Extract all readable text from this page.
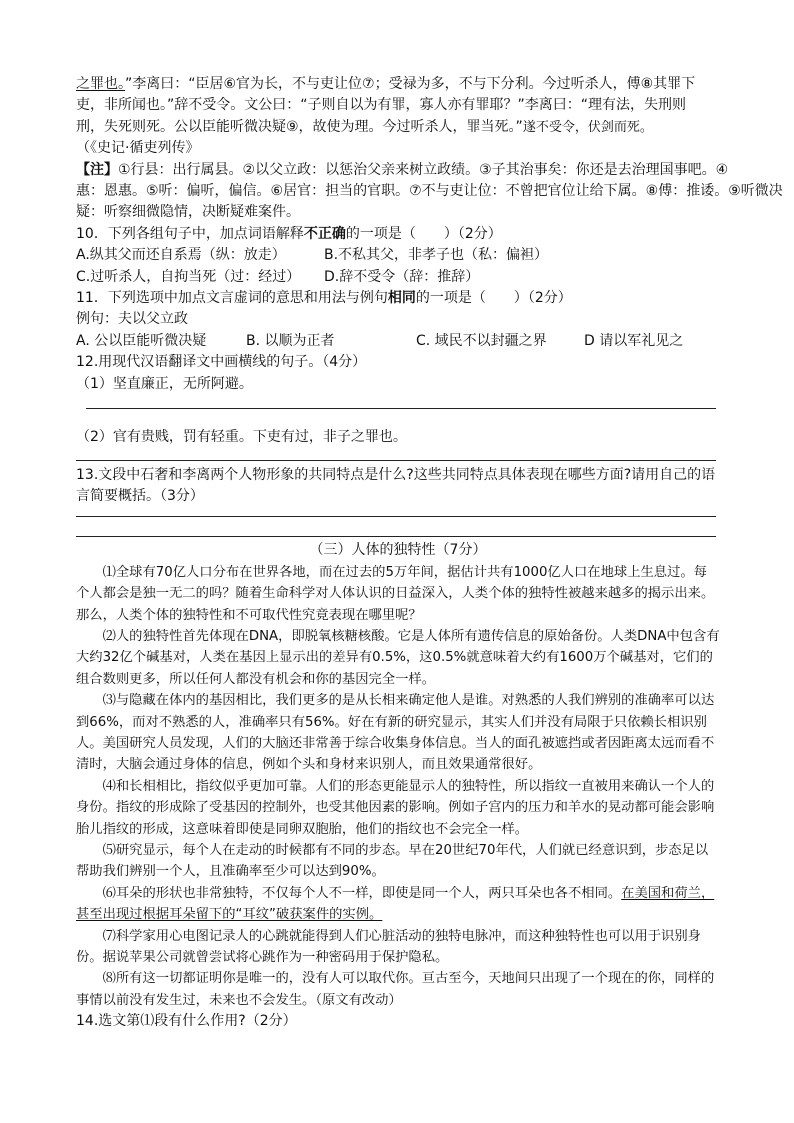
之罪也。”李离曰：“臣居⑥官为长，不与吏让位⑦；受禄为多，不与下分利。今过听杀人，傅⑧其罪下
吏，非所闻也。”辞不受令。文公曰：“子则自以为有罪，寡人亦有罪耶？”李离曰：“理有法，失刑则
刑，失死则死。公以臣能听微决疑⑨，故使为理。今过听杀人，罪当死。”遂不受令，伏剑而死。
（《史记·循吏列传》
【注】①行县：出行属县。②以父立政：以惩治父亲来树立政绩。③子其治事矣：你还是去治理国事吧。④
惠：恩惠。⑤听：偏听，偏信。⑥居官：担当的官职。⑦不与吏让位：不曾把官位让给下属。⑧傅：推诿。⑨听微决
疑：听察细微隐情，决断疑难案件。
10．下列各组句子中，加点词语解释不正确的一项是（　　）（2分）
A.纵其父而还自系焉（纵：放走）	B.不私其父，非孝子也（私：偏袒）
C.过听杀人，自拘当死（过：经过）	D.辞不受令（辞：推辞）
11．下列选项中加点文言虚词的意思和用法与例句相同的一项是（　　）（2分）
例句：夫以父立政
A. 公以臣能听微决疑	B. 以顺为正者	C. 域民不以封疆之界	D 请以军礼见之
12.用现代汉语翻译文中画横线的句子。（4分）
（1）坚直廉正，无所阿避。
（2）官有贵贱，罚有轻重。下吏有过，非子之罪也。
13.文段中石奢和李离两个人物形象的共同特点是什么?这些共同特点具体表现在哪些方面?请用自己的语
言简要概括。（3分）
（三）人体的独特性（7分）
⑴全球有70亿人口分布在世界各地，而在过去的5万年间，据估计共有1000亿人口在地球上生息过。每个人都会是独一无二的吗？随着生命科学对人体认识的日益深入，人类个体的独特性被越来越多的揭示出来。那么，人类个体的独特性和不可取代性究竟表现在哪里呢？
⑵人的独特性首先体现在DNA，即脱氧核糖核酸。它是人体所有遗传信息的原始备份。人类DNA中包含有大约32亿个碱基对，人类在基因上显示出的差异有0.5%，这0.5%就意味着大约有1600万个碱基对，它们的组合数则更多，所以任何人都没有机会和你的基因完全一样。
⑶与隐藏在体内的基因相比，我们更多的是从长相来确定他人是谁。对熟悉的人我们辨别的准确率可以达到66%，而对不熟悉的人，准确率只有56%。好在有新的研究显示，其实人们并没有局限于只依赖长相识别人。美国研究人员发现，人们的大脑还非常善于综合收集身体信息。当人的面孔被遮挡或者因距离太远而看不清时，大脑会通过身体的信息，例如个头和身材来识别人，而且效果通常很好。
⑷和长相相比，指纹似乎更加可靠。人们的形态更能显示人的独特性，所以指纹一直被用来确认一个人的身份。指纹的形成除了受基因的控制外，也受其他因素的影响。例如子宫内的压力和羊水的晃动都可能会影响胎儿指纹的形成，这意味着即使是同卵双胞胎，他们的指纹也不会完全一样。
⑸研究显示，每个人在走动的时候都有不同的步态。早在20世纪70年代，人们就已经意识到，步态足以帮助我们辨别一个人，且准确率至少可以达到90%。
⑹耳朵的形状也非常独特，不仅每个人不一样，即使是同一个人，两只耳朵也各不相同。在美国和荷兰，甚至出现过根据耳朵留下的“耳纹”破获案件的实例。
⑺科学家用心电图记录人的心跳就能得到人们心脏活动的独特电脉冲，而这种独特性也可以用于识别身份。据说苹果公司就曾尝试将心跳作为一种密码用于保护隐私。
⑻所有这一切都证明你是唯一的，没有人可以取代你。亘古至今，天地间只出现了一个现在的你，同样的事情以前没有发生过，未来也不会发生。（原文有改动）
14.选文第⑴段有什么作用?（2分）
